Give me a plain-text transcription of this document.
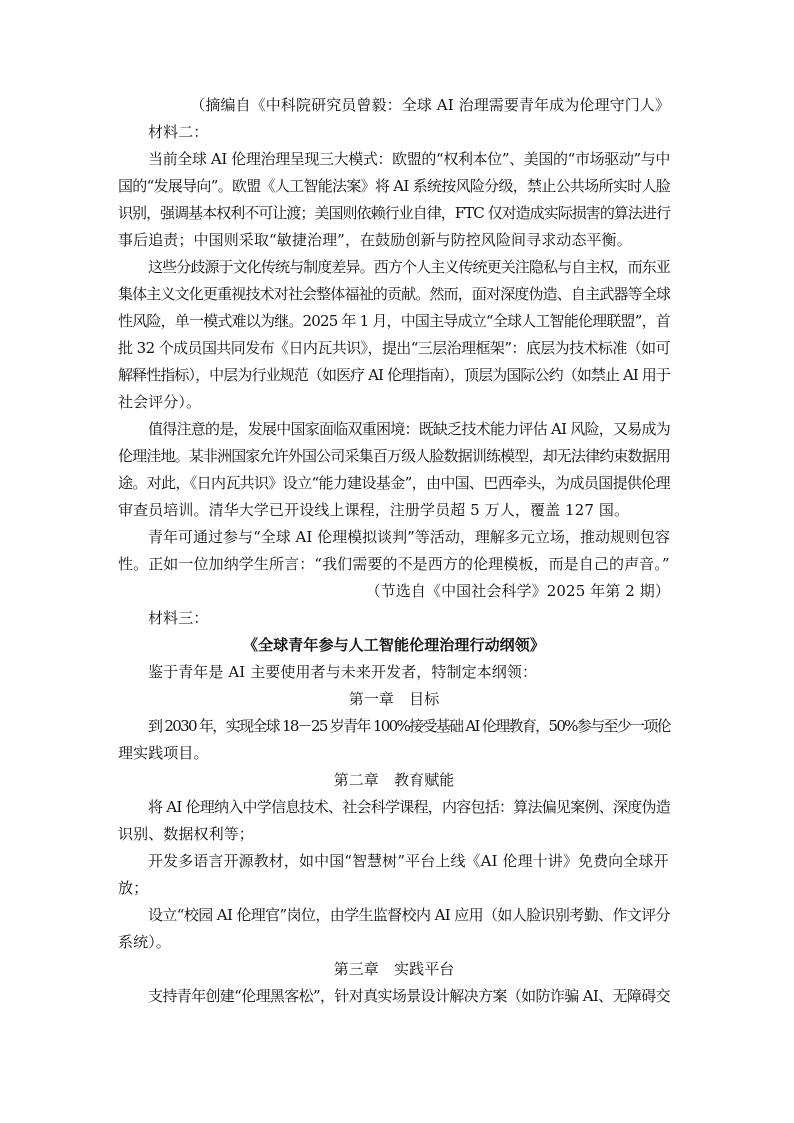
（摘编自《中科院研究员曾毅：全球 AI 治理需要青年成为伦理守门人》
材料二：
当前全球 AI 伦理治理呈现三大模式：欧盟的“权利本位”、美国的“市场驱动”与中
国的“发展导向”。欧盟《人工智能法案》将 AI 系统按风险分级，禁止公共场所实时人脸
识别，强调基本权利不可让渡；美国则依赖行业自律，FTC 仅对造成实际损害的算法进行
事后追责；中国则采取“敏捷治理”，在鼓励创新与防控风险间寻求动态平衡。
这些分歧源于文化传统与制度差异。西方个人主义传统更关注隐私与自主权，而东亚
集体主义文化更重视技术对社会整体福祉的贡献。然而，面对深度伪造、自主武器等全球
性风险，单一模式难以为继。2025 年 1 月，中国主导成立“全球人工智能伦理联盟”，首
批 32 个成员国共同发布《日内瓦共识》，提出“三层治理框架”：底层为技术标准（如可
解释性指标），中层为行业规范（如医疗 AI 伦理指南），顶层为国际公约（如禁止 AI 用于
社会评分）。
值得注意的是，发展中国家面临双重困境：既缺乏技术能力评估 AI 风险，又易成为
伦理洼地。某非洲国家允许外国公司采集百万级人脸数据训练模型，却无法律约束数据用
途。对此，《日内瓦共识》设立“能力建设基金”，由中国、巴西牵头，为成员国提供伦理
审查员培训。清华大学已开设线上课程，注册学员超 5 万人，覆盖 127 国。
青年可通过参与“全球 AI 伦理模拟谈判”等活动，理解多元立场，推动规则包容
性。正如一位加纳学生所言：“我们需要的不是西方的伦理模板，而是自己的声音。”
（节选自《中国社会科学》2025 年第 2 期）
材料三：
《全球青年参与人工智能伦理治理行动纲领》
鉴于青年是 AI 主要使用者与未来开发者，特制定本纲领：
第一章　目标
到 2030 年，实现全球 18－25 岁青年 100%接受基础 AI 伦理教育，50%参与至少一项伦
理实践项目。
第二章　教育赋能
将 AI 伦理纳入中学信息技术、社会科学课程，内容包括：算法偏见案例、深度伪造
识别、数据权利等；
开发多语言开源教材，如中国“智慧树”平台上线《AI 伦理十讲》免费向全球开
放；
设立“校园 AI 伦理官”岗位，由学生监督校内 AI 应用（如人脸识别考勤、作文评分
系统）。
第三章　实践平台
支持青年创建“伦理黑客松”，针对真实场景设计解决方案（如防诈骗 AI、无障碍交
